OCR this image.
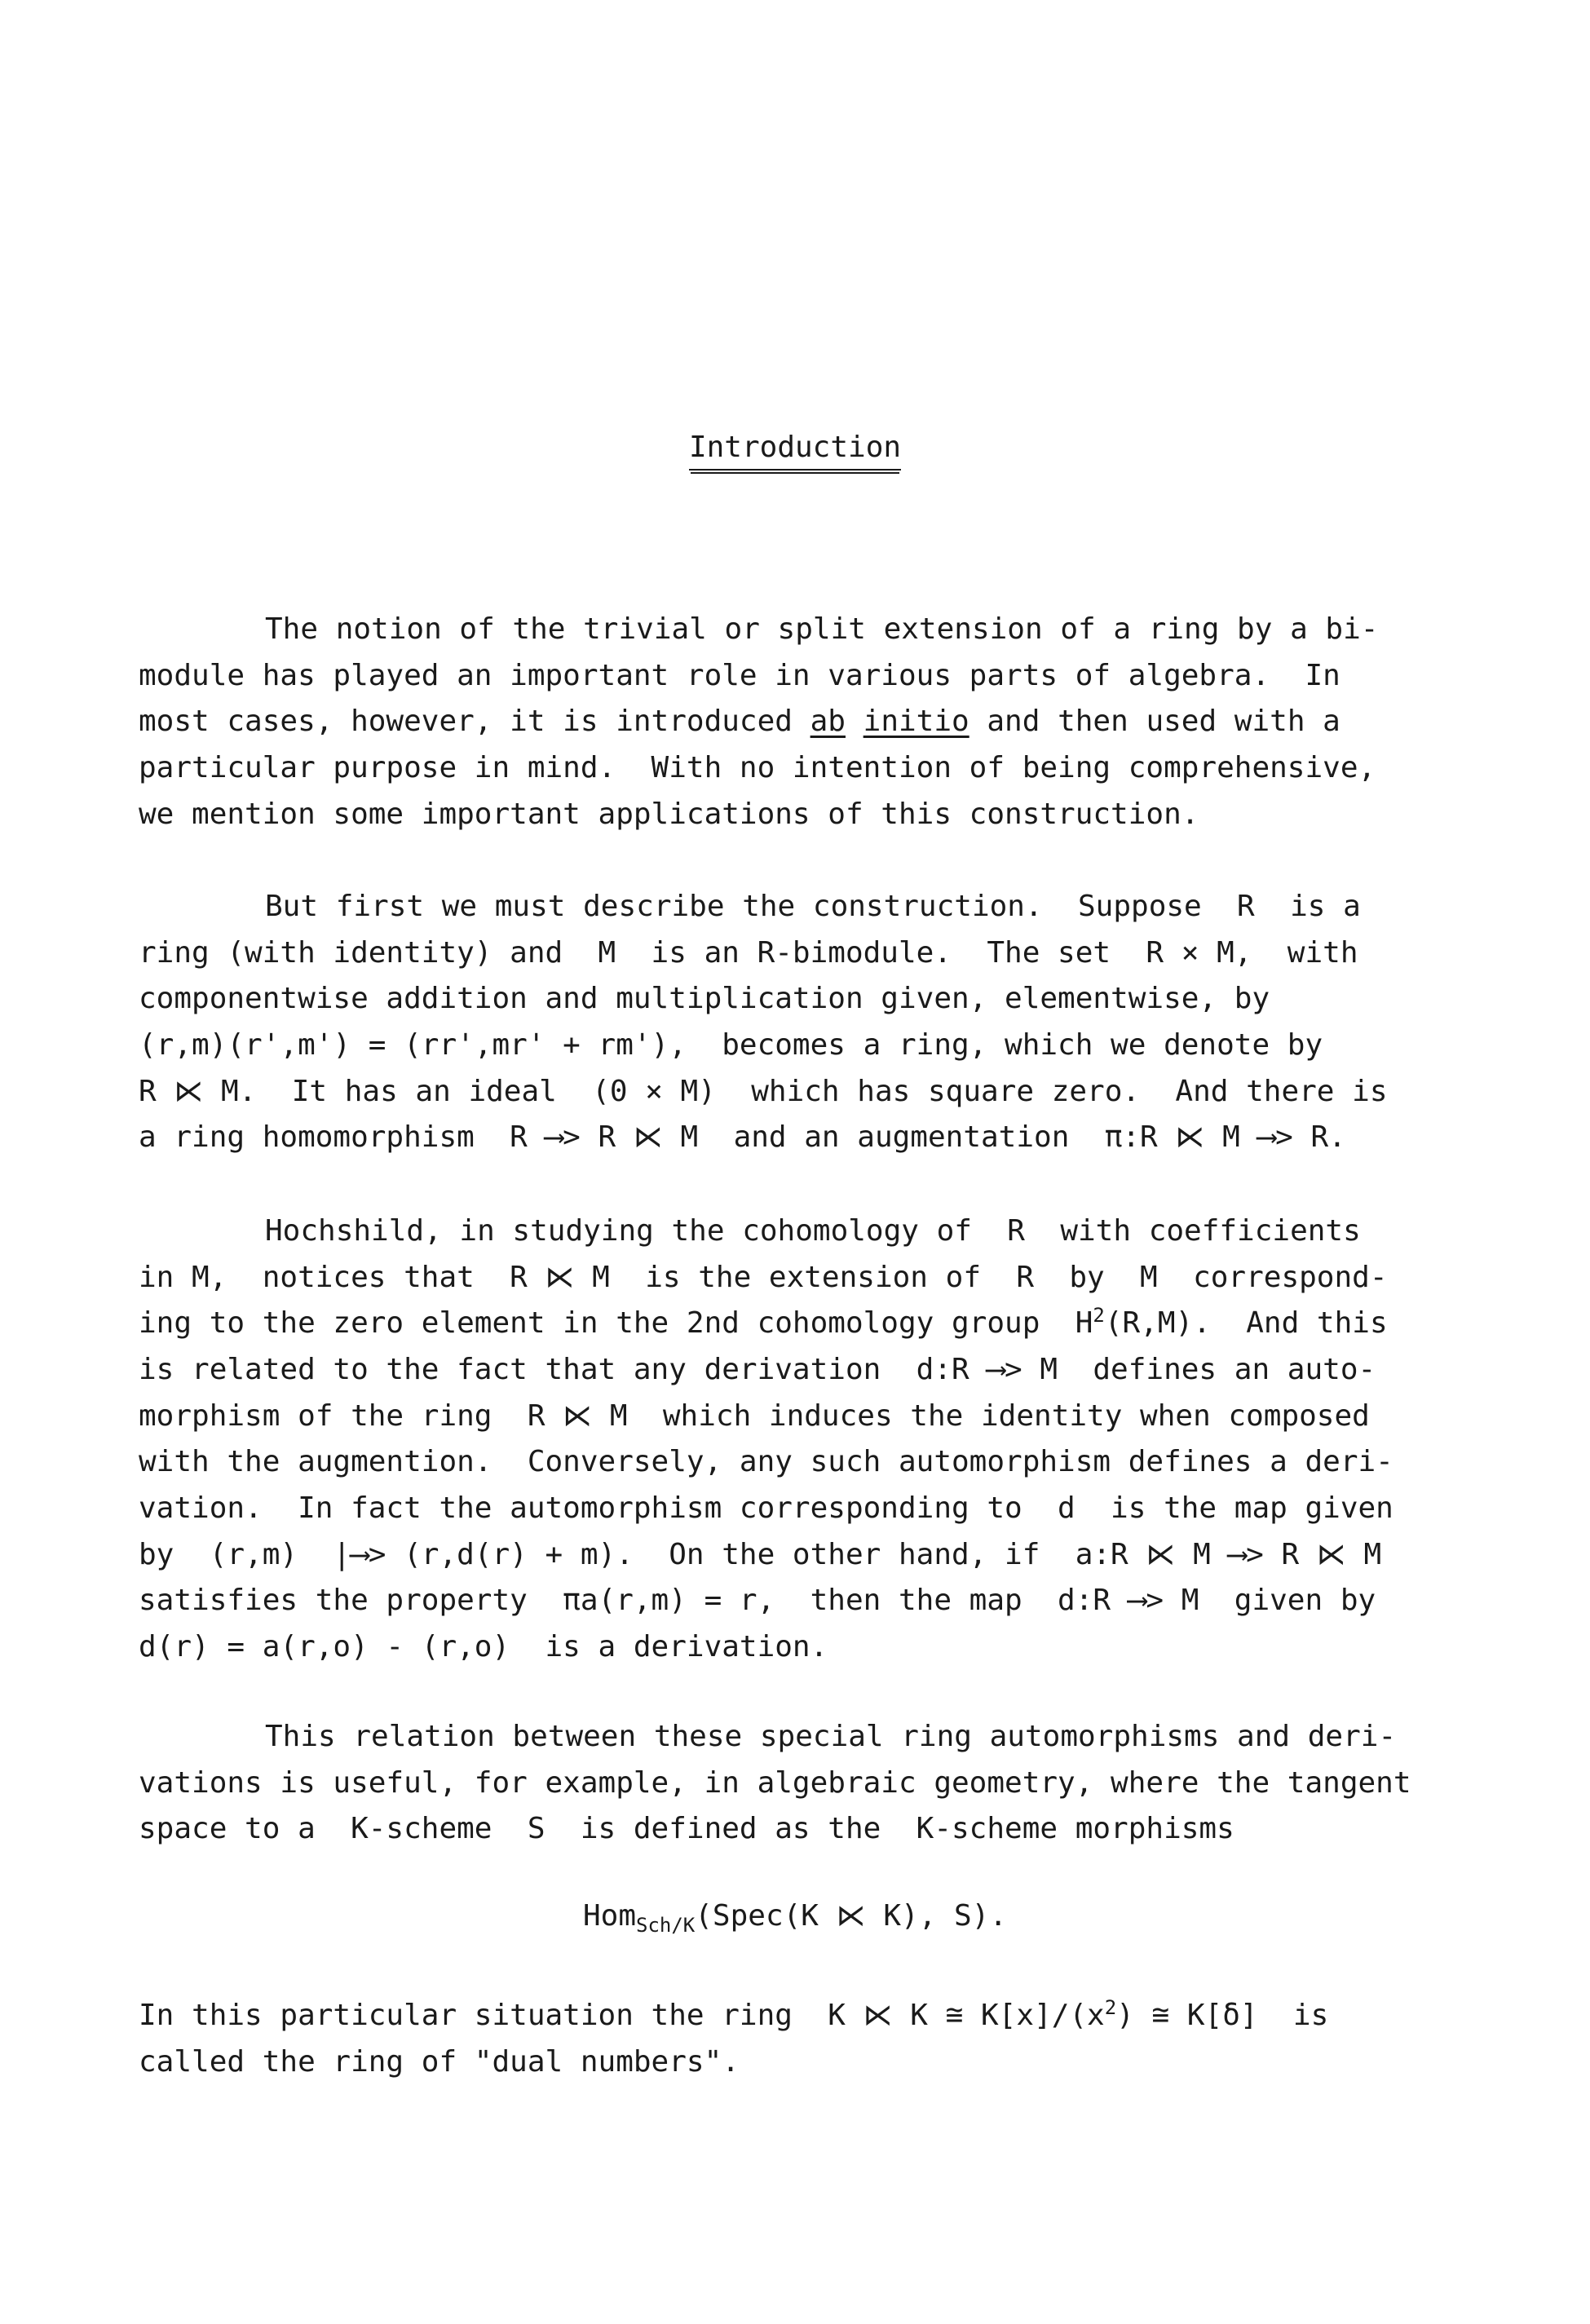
Introduction
The notion of the trivial or split extension of a ring by a bi-
module has played an important role in various parts of algebra.  In
most cases, however, it is introduced ab initio and then used with a
particular purpose in mind.  With no intention of being comprehensive,
we mention some important applications of this construction.
But first we must describe the construction.  Suppose  R  is a
ring (with identity) and  M  is an R-bimodule.  The set  R × M,  with
componentwise addition and multiplication given, elementwise, by
(r,m)(r',m') = (rr',mr' + rm'),  becomes a ring, which we denote by
R ⋉ M.  It has an ideal  (0 × M)  which has square zero.  And there is
a ring homomorphism  R ⟶> R ⋉ M  and an augmentation  π:R ⋉ M ⟶> R.
Hochshild, in studying the cohomology of  R  with coefficients
in M,  notices that  R ⋉ M  is the extension of  R  by  M  correspond-
ing to the zero element in the 2nd cohomology group  $H^2(R,M)$.  And this
is related to the fact that any derivation  d:R ⟶> M  defines an auto-
morphism of the ring  R ⋉ M  which induces the identity when composed
with the augmention.  Conversely, any such automorphism defines a deri-
vation.  In fact the automorphism corresponding to  d  is the map given
by  (r,m)  |⟶> (r,d(r) + m).  On the other hand, if  a:R ⋉ M ⟶> R ⋉ M
satisfies the property  πa(r,m) = r,  then the map  d:R ⟶> M  given by
d(r) = a(r,o) - (r,o)  is a derivation.
This relation between these special ring automorphisms and deri-
vations is useful, for example, in algebraic geometry, where the tangent
space to a  K-scheme  S  is defined as the  K-scheme morphisms
Hom$_{Sch/K}$(Spec(K ⋉ K), S).
In this particular situation the ring  K ⋉ K ≅ $K[x]/(x^2)$ ≅ K[δ]  is
called the ring of "dual numbers".
